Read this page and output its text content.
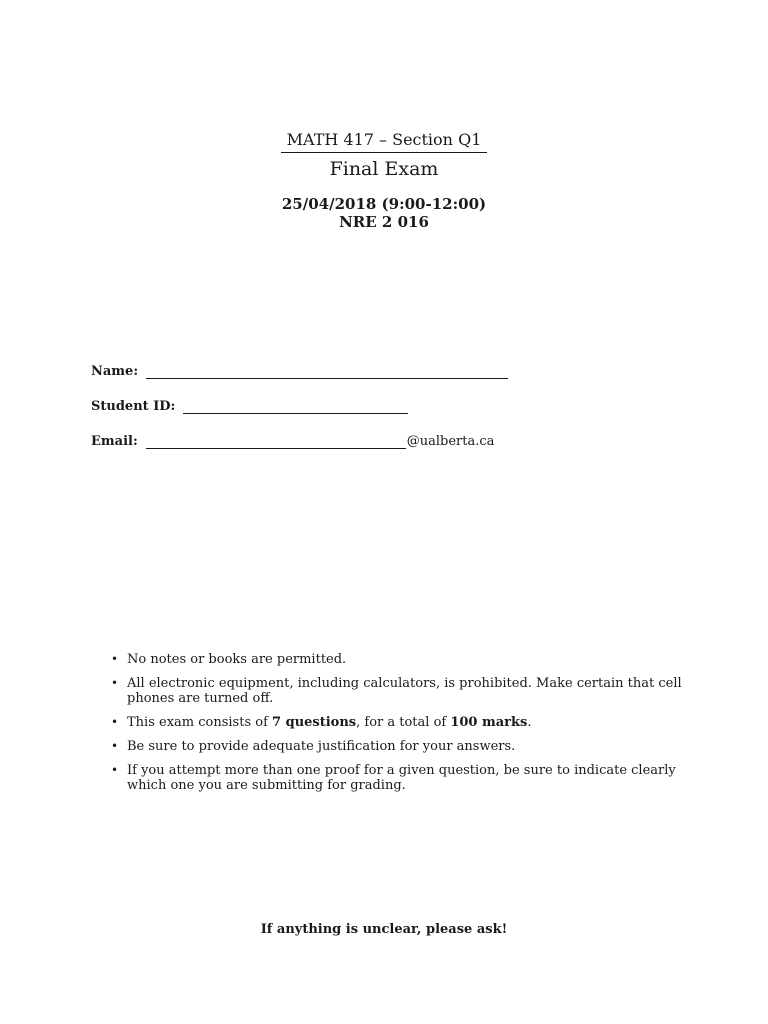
MATH 417 – Section Q1
Final Exam
25/04/2018 (9:00-12:00)
NRE 2 016
Name:
Student ID:
Email:	@ualberta.ca
• No notes or books are permitted.
• All electronic equipment, including calculators, is prohibited. Make certain that cell phones are turned off.
• This exam consists of 7 questions, for a total of 100 marks.
• Be sure to provide adequate justification for your answers.
• If you attempt more than one proof for a given question, be sure to indicate clearly which one you are submitting for grading.
If anything is unclear, please ask!
